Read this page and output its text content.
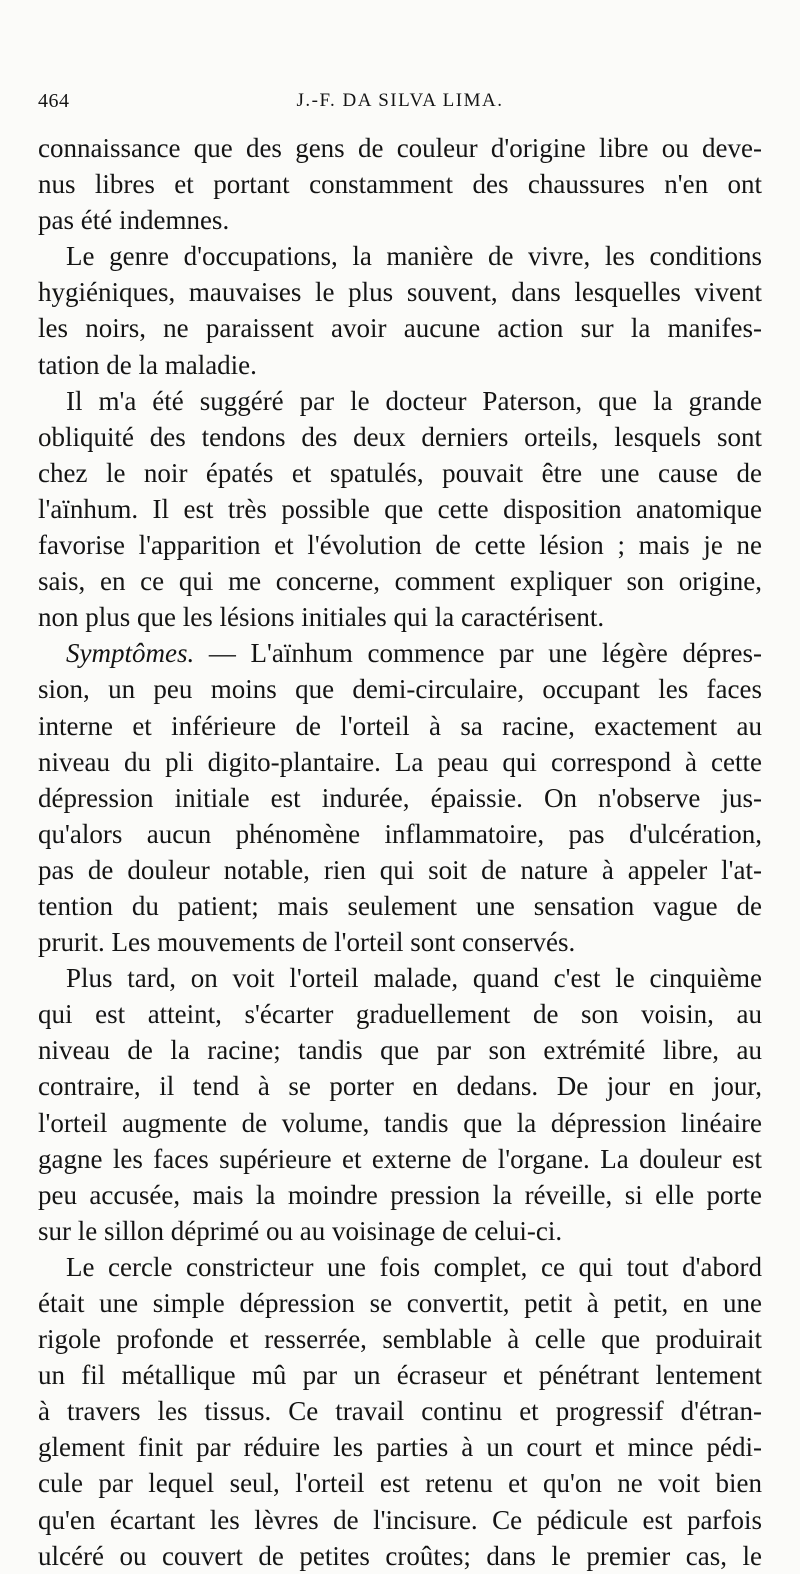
464	J.-F. DA SILVA LIMA.

connaissance que des gens de couleur d'origine libre ou deve-
nus libres et portant constamment des chaussures n'en ont
pas été indemnes.

Le genre d'occupations, la manière de vivre, les conditions
hygiéniques, mauvaises le plus souvent, dans lesquelles vivent
les noirs, ne paraissent avoir aucune action sur la manifes-
tation de la maladie.

Il m'a été suggéré par le docteur Paterson, que la grande
obliquité des tendons des deux derniers orteils, lesquels sont
chez le noir épatés et spatulés, pouvait être une cause de
l'aïnhum. Il est très possible que cette disposition anatomique
favorise l'apparition et l'évolution de cette lésion ; mais je ne
sais, en ce qui me concerne, comment expliquer son origine,
non plus que les lésions initiales qui la caractérisent.

Symptômes. — L'aïnhum commence par une légère dépres-
sion, un peu moins que demi-circulaire, occupant les faces
interne et inférieure de l'orteil à sa racine, exactement au
niveau du pli digito-plantaire. La peau qui correspond à cette
dépression initiale est indurée, épaissie. On n'observe jus-
qu'alors aucun phénomène inflammatoire, pas d'ulcération,
pas de douleur notable, rien qui soit de nature à appeler l'at-
tention du patient; mais seulement une sensation vague de
prurit. Les mouvements de l'orteil sont conservés.

Plus tard, on voit l'orteil malade, quand c'est le cinquième
qui est atteint, s'écarter graduellement de son voisin, au
niveau de la racine; tandis que par son extrémité libre, au
contraire, il tend à se porter en dedans. De jour en jour,
l'orteil augmente de volume, tandis que la dépression linéaire
gagne les faces supérieure et externe de l'organe. La douleur est
peu accusée, mais la moindre pression la réveille, si elle porte
sur le sillon déprimé ou au voisinage de celui-ci.

Le cercle constricteur une fois complet, ce qui tout d'abord
était une simple dépression se convertit, petit à petit, en une
rigole profonde et resserrée, semblable à celle que produirait
un fil métallique mû par un écraseur et pénétrant lentement
à travers les tissus. Ce travail continu et progressif d'étran-
glement finit par réduire les parties à un court et mince pédi-
cule par lequel seul, l'orteil est retenu et qu'on ne voit bien
qu'en écartant les lèvres de l'incisure. Ce pédicule est parfois
ulcéré ou couvert de petites croûtes; dans le premier cas, le
